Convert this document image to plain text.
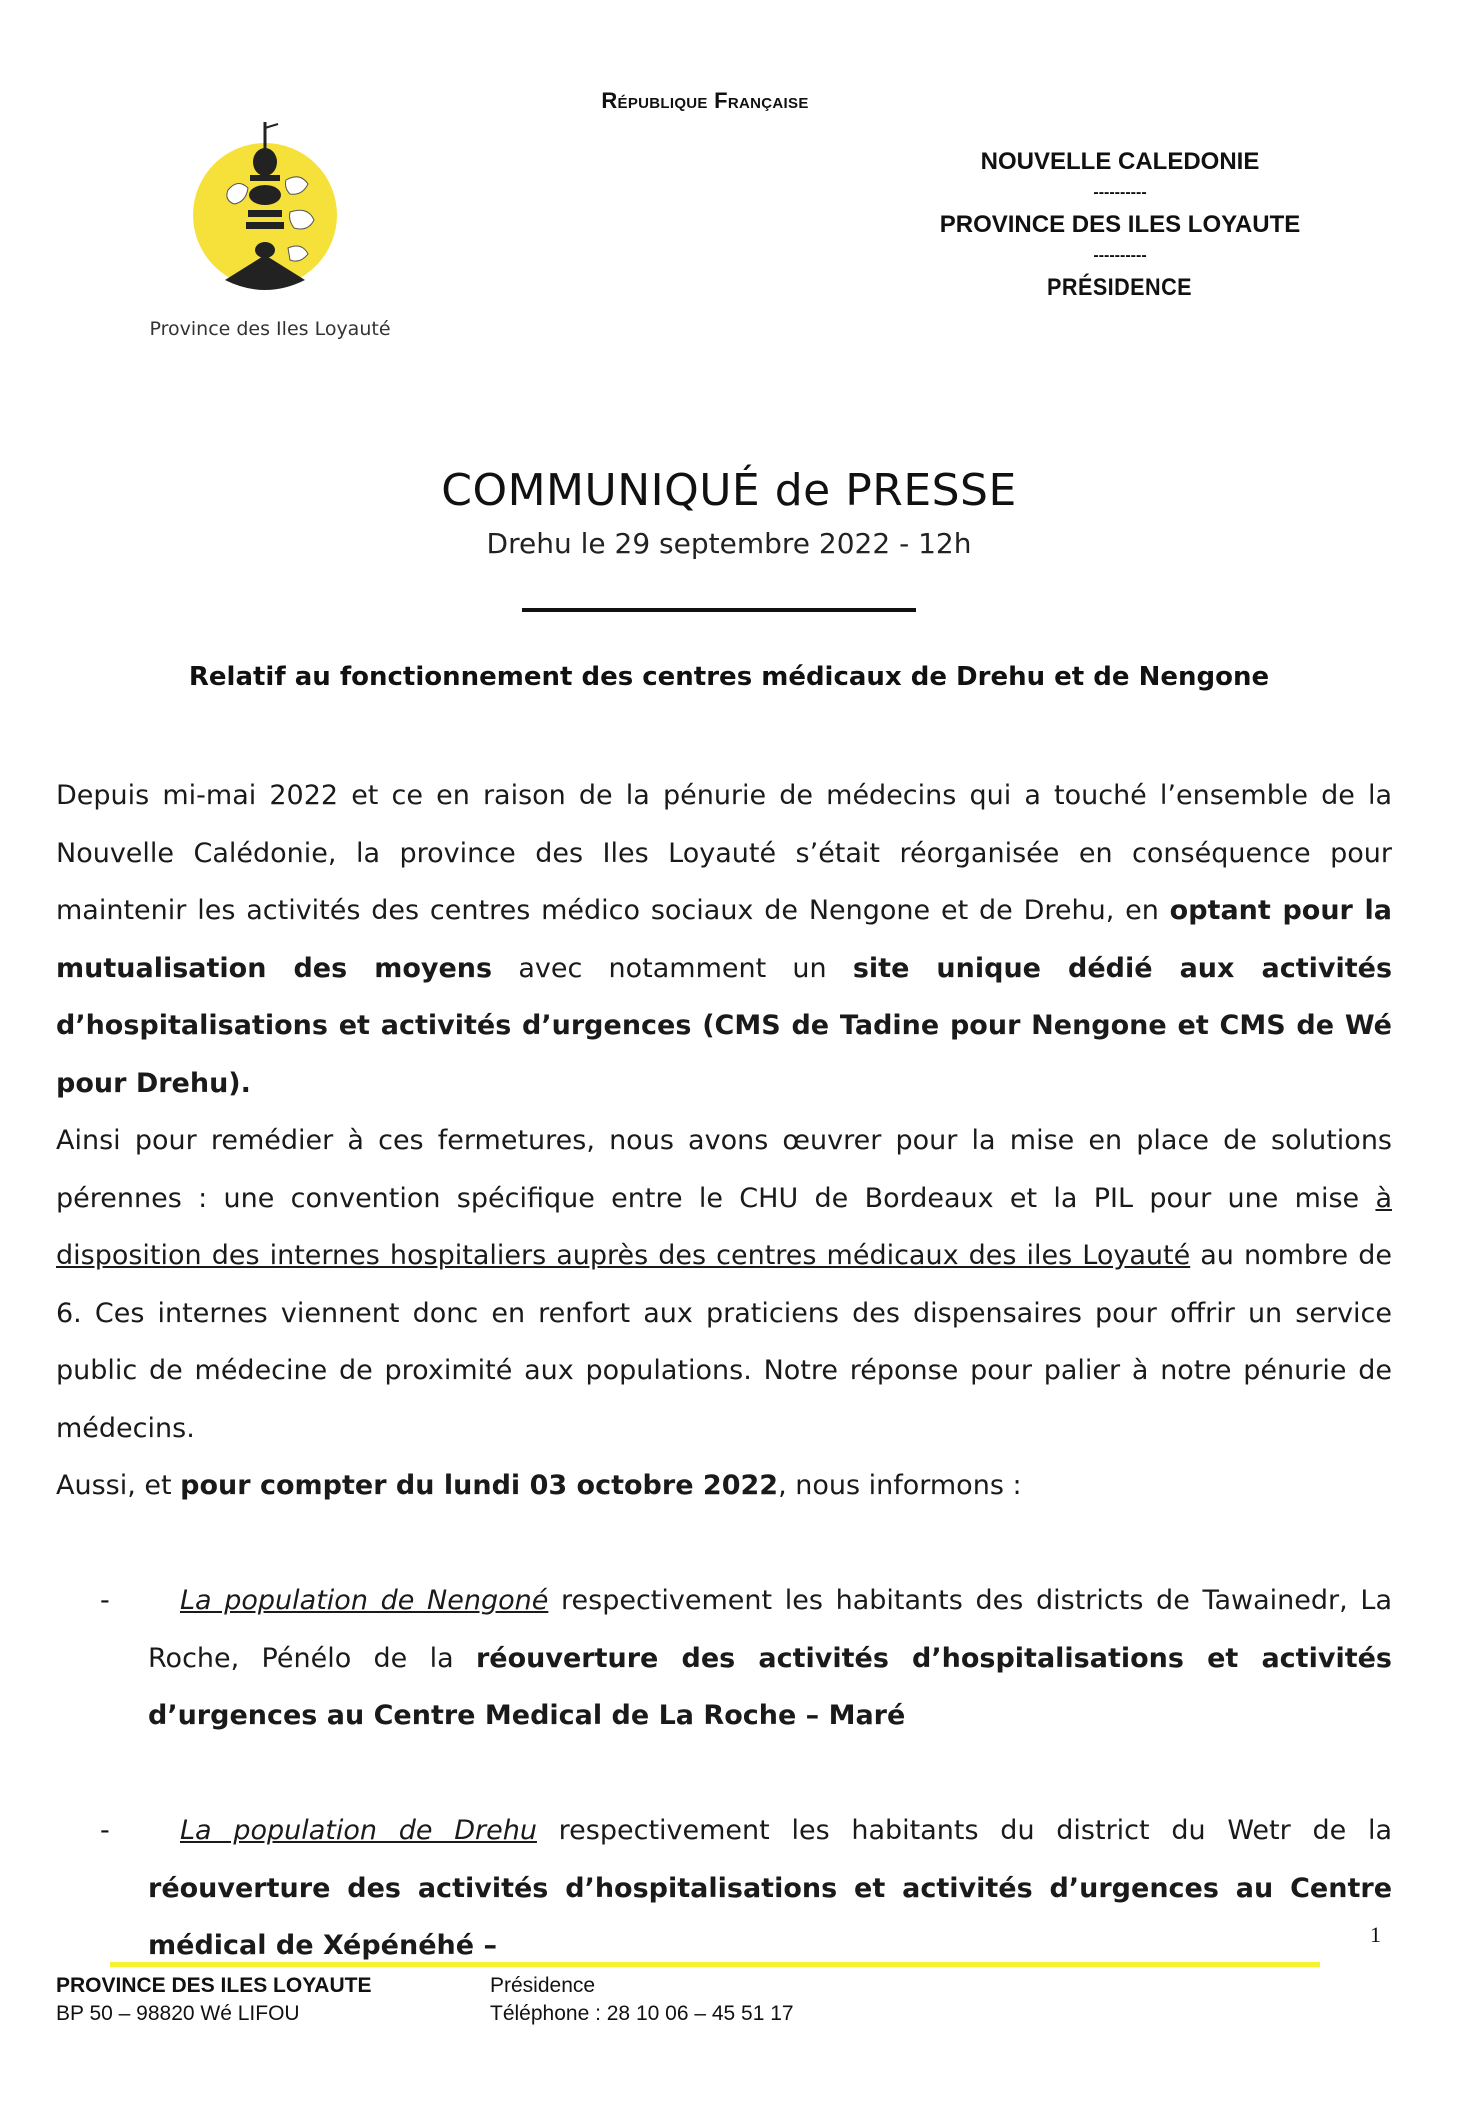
République Française
Province des Iles Loyauté
NOUVELLE CALEDONIE
----------
PROVINCE DES ILES LOYAUTE
----------
PRÉSIDENCE
COMMUNIQUÉ de PRESSE
Drehu le 29 septembre 2022 - 12h
Relatif au fonctionnement des centres médicaux de Drehu et de Nengone
Depuis mi-mai 2022 et ce en raison de la pénurie de médecins qui a touché l’ensemble de la Nouvelle Calédonie, la province des Iles Loyauté s’était réorganisée en conséquence pour maintenir les activités des centres médico sociaux de Nengone et de Drehu, en optant pour la mutualisation des moyens avec notamment un site unique dédié aux activités d’hospitalisations et activités d’urgences (CMS de Tadine pour Nengone et CMS de Wé pour Drehu).
Ainsi pour remédier à ces fermetures, nous avons œuvrer pour la mise en place de solutions pérennes : une convention spécifique entre le CHU de Bordeaux et la PIL pour une mise à disposition des internes hospitaliers auprès des centres médicaux des iles Loyauté au nombre de 6. Ces internes viennent donc en renfort aux praticiens des dispensaires pour offrir un service public de médecine de proximité aux populations. Notre réponse pour palier à notre pénurie de médecins.
Aussi, et pour compter du lundi 03 octobre 2022, nous informons :
-	La population de Nengoné respectivement les habitants des districts de Tawainedr, La Roche, Pénélo de la réouverture des activités d’hospitalisations et activités d’urgences au Centre Medical de La Roche – Maré
-	La population de Drehu respectivement les habitants du district du Wetr de la réouverture des activités d’hospitalisations et activités d’urgences au Centre médical de Xépénéhé –	1
PROVINCE DES ILES LOYAUTE
BP 50 – 98820 Wé LIFOU
Présidence
Téléphone : 28 10 06 – 45 51 17
